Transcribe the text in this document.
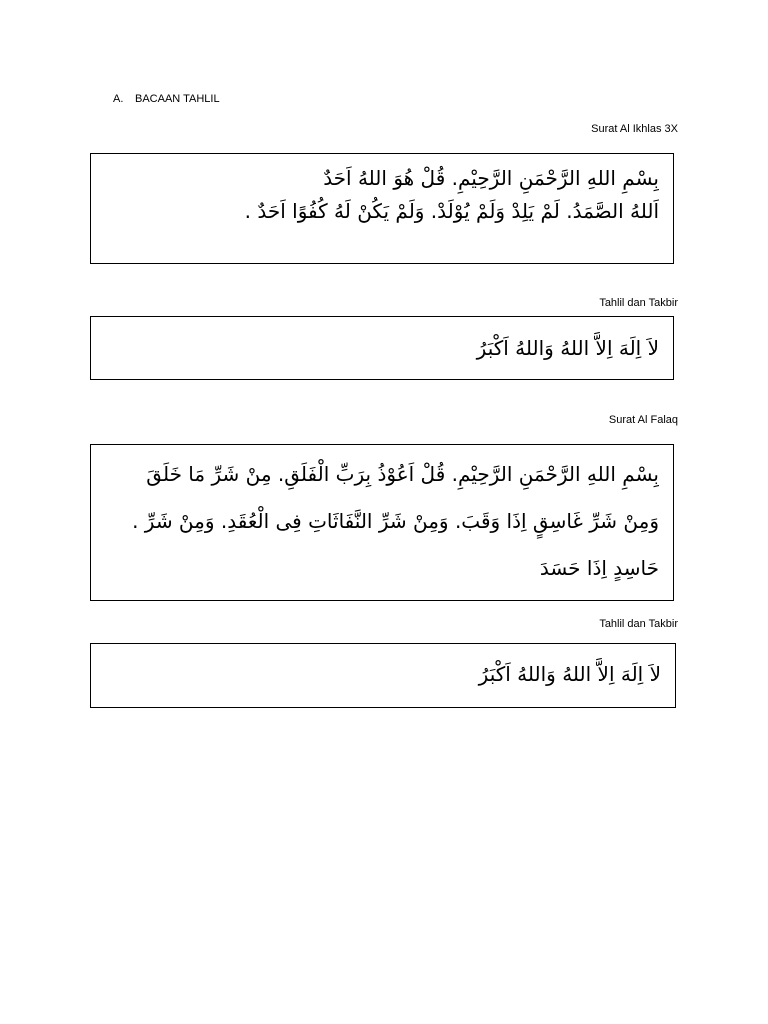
A. BACAAN TAHLIL
Surat Al Ikhlas 3X
بِسْمِ اللهِ الرَّحْمَنِ الرَّحِيْمِ. قُلْ هُوَ اللهُ اَحَدٌ
اَللهُ الصَّمَدُ. لَمْ يَلِدْ وَلَمْ يُوْلَدْ. وَلَمْ يَكُنْ لَهُ كُفُوًا اَحَدٌ .
Tahlil dan Takbir
لاَ اِلَهَ اِلاَّ اللهُ وَاللهُ اَكْبَرُ
Surat Al Falaq
بِسْمِ اللهِ الرَّحْمَنِ الرَّحِيْمِ. قُلْ اَعُوْذُ بِرَبِّ الْفَلَقِ. مِنْ شَرِّ مَا خَلَقَ
وَمِنْ شَرِّ غَاسِقٍ اِذَا وَقَبَ. وَمِنْ شَرِّ النَّفَاثَاتِ فِى الْعُقَدِ. وَمِنْ شَرِّ .
حَاسِدٍ اِذَا حَسَدَ
Tahlil dan Takbir
لاَ اِلَهَ اِلاَّ اللهُ وَاللهُ اَكْبَرُ
